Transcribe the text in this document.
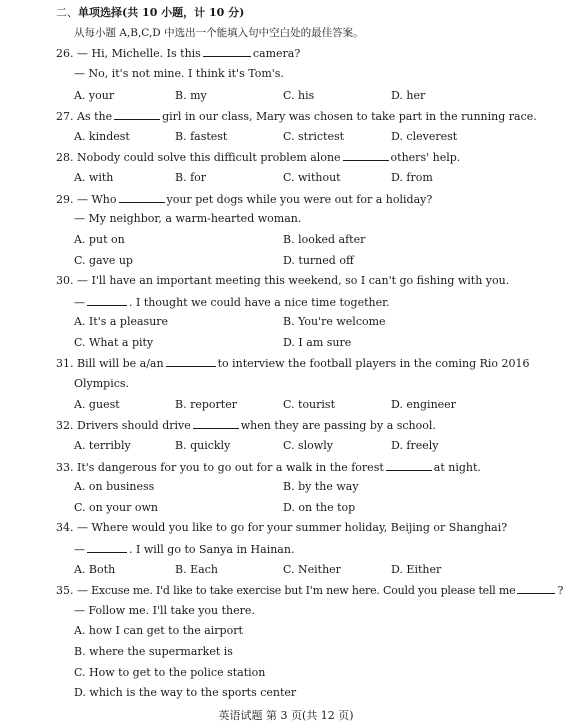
二、单项选择(共 10 小题，计 10 分)
从每小题 A,B,C,D 中选出一个能填入句中空白处的最佳答案。
26. — Hi, Michelle. Is this	camera?
— No, it's not mine. I think it's Tom's.
A. your	B. my	C. his	D. her
27. As the	girl in our class, Mary was chosen to take part in the running race.
A. kindest	B. fastest	C. strictest	D. cleverest
28. Nobody could solve this difficult problem alone	others' help.
A. with	B. for	C. without	D. from
29. — Who	your pet dogs while you were out for a holiday?
— My neighbor, a warm-hearted woman.
A. put on	B. looked after
C. gave up	D. turned off
30. — I'll have an important meeting this weekend, so I can't go fishing with you.
—	. I thought we could have a nice time together.
A. It's a pleasure	B. You're welcome
C. What a pity	D. I am sure
31. Bill will be a/an	to interview the football players in the coming Rio 2016
Olympics.
A. guest	B. reporter	C. tourist	D. engineer
32. Drivers should drive	when they are passing by a school.
A. terribly	B. quickly	C. slowly	D. freely
33. It's dangerous for you to go out for a walk in the forest	at night.
A. on business	B. by the way
C. on your own	D. on the top
34. — Where would you like to go for your summer holiday, Beijing or Shanghai?
—	. I will go to Sanya in Hainan.
A. Both	B. Each	C. Neither	D. Either
35. — Excuse me. I'd like to take exercise but I'm new here. Could you please tell me	?
— Follow me. I'll take you there.
A. how I can get to the airport
B. where the supermarket is
C. How to get to the police station
D. which is the way to the sports center
英语试题 第 3 页(共 12 页)
